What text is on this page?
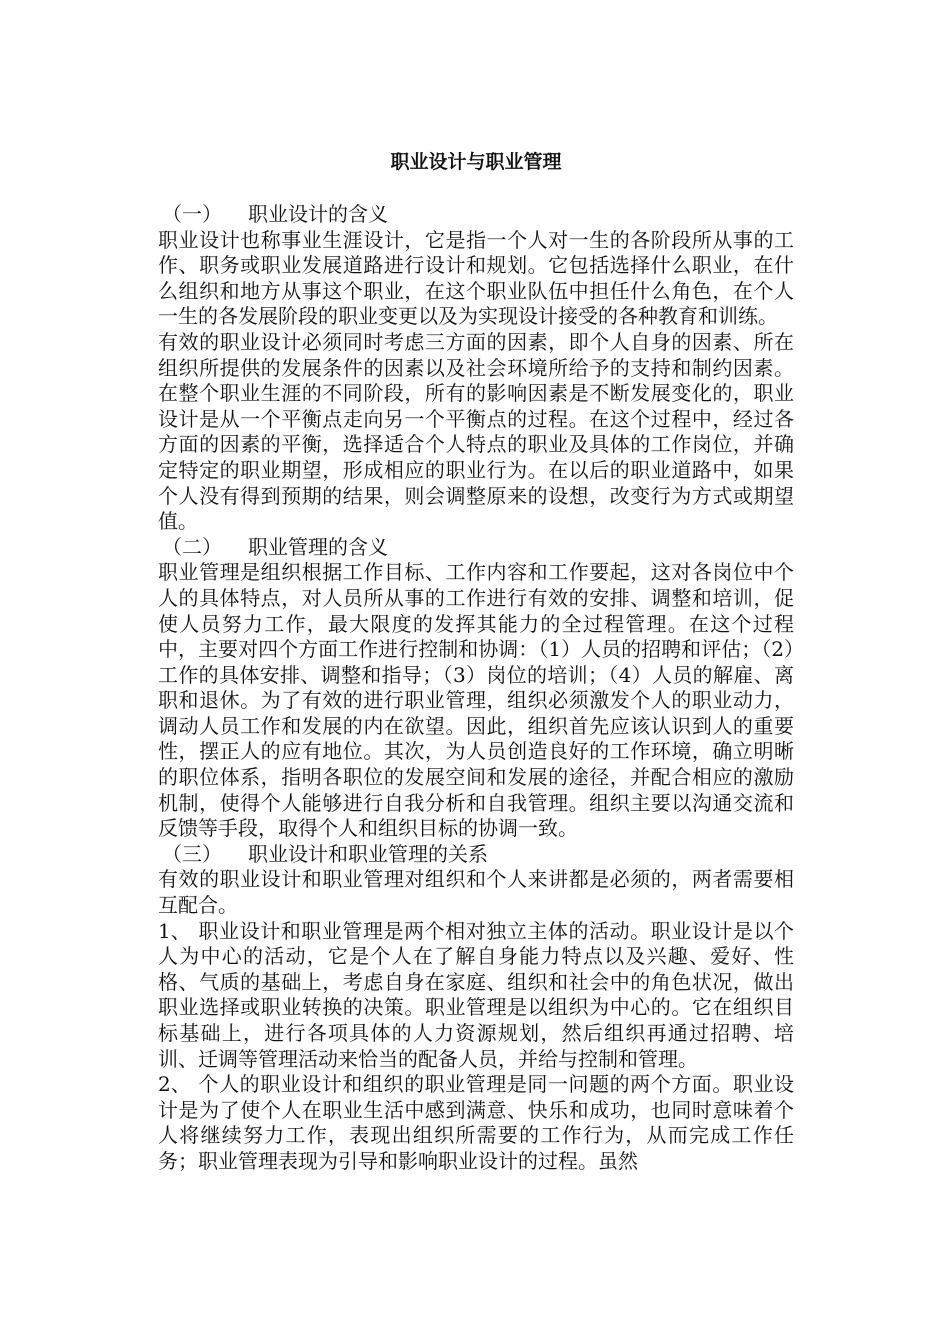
职业设计与职业管理
（一） 职业设计的含义

职业设计也称事业生涯设计，它是指一个人对一生的各阶段所从事的工作、职务或职业发展道路进行设计和规划。它包括选择什么职业，在什么组织和地方从事这个职业，在这个职业队伍中担任什么角色，在个人一生的各发展阶段的职业变更以及为实现设计接受的各种教育和训练。

有效的职业设计必须同时考虑三方面的因素，即个人自身的因素、所在组织所提供的发展条件的因素以及社会环境所给予的支持和制约因素。在整个职业生涯的不同阶段，所有的影响因素是不断发展变化的，职业设计是从一个平衡点走向另一个平衡点的过程。在这个过程中，经过各方面的因素的平衡，选择适合个人特点的职业及具体的工作岗位，并确定特定的职业期望，形成相应的职业行为。在以后的职业道路中，如果个人没有得到预期的结果，则会调整原来的设想，改变行为方式或期望值。

（二） 职业管理的含义

职业管理是组织根据工作目标、工作内容和工作要起，这对各岗位中个人的具体特点，对人员所从事的工作进行有效的安排、调整和培训，促使人员努力工作，最大限度的发挥其能力的全过程管理。在这个过程中，主要对四个方面工作进行控制和协调：（1）人员的招聘和评估；（2）工作的具体安排、调整和指导；（3）岗位的培训；（4）人员的解雇、离职和退休。为了有效的进行职业管理，组织必须激发个人的职业动力，调动人员工作和发展的内在欲望。因此，组织首先应该认识到人的重要性，摆正人的应有地位。其次，为人员创造良好的工作环境，确立明晰的职位体系，指明各职位的发展空间和发展的途径，并配合相应的激励机制，使得个人能够进行自我分析和自我管理。组织主要以沟通交流和反馈等手段，取得个人和组织目标的协调一致。

（三） 职业设计和职业管理的关系

有效的职业设计和职业管理对组织和个人来讲都是必须的，两者需要相互配合。

1、 职业设计和职业管理是两个相对独立主体的活动。职业设计是以个人为中心的活动，它是个人在了解自身能力特点以及兴趣、爱好、性格、气质的基础上，考虑自身在家庭、组织和社会中的角色状况，做出职业选择或职业转换的决策。职业管理是以组织为中心的。它在组织目标基础上，进行各项具体的人力资源规划，然后组织再通过招聘、培训、迁调等管理活动来恰当的配备人员，并给与控制和管理。

2、 个人的职业设计和组织的职业管理是同一问题的两个方面。职业设计是为了使个人在职业生活中感到满意、快乐和成功，也同时意味着个人将继续努力工作，表现出组织所需要的工作行为，从而完成工作任务；职业管理表现为引导和影响职业设计的过程。虽然
